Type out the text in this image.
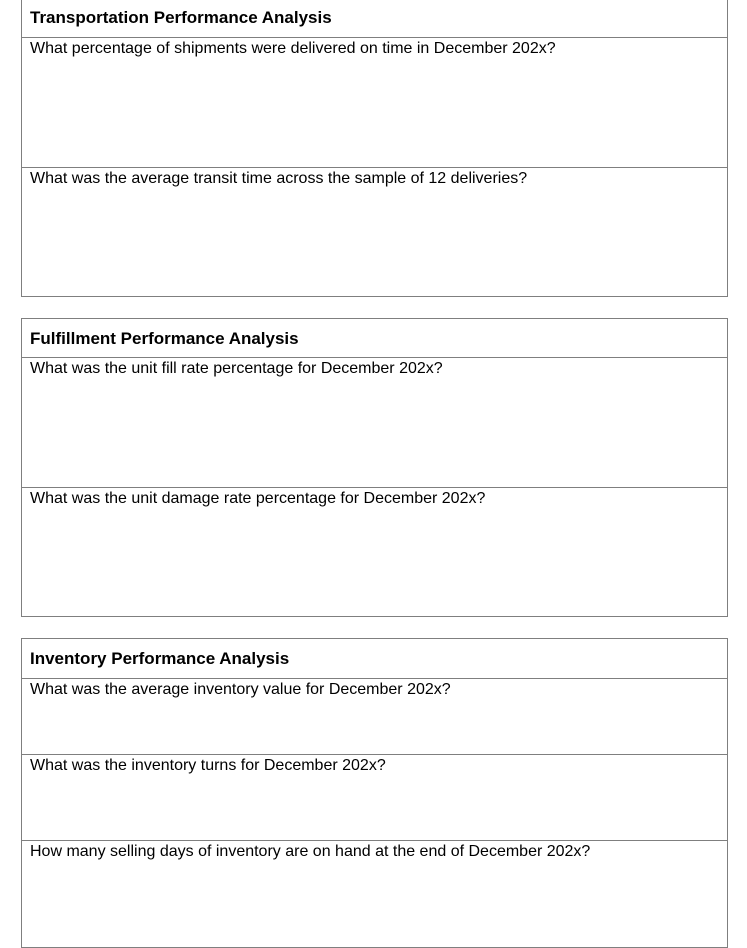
Transportation Performance Analysis
What percentage of shipments were delivered on time in December 202x?
What was the average transit time across the sample of 12 deliveries?
Fulfillment Performance Analysis
What was the unit fill rate percentage for December 202x?
What was the unit damage rate percentage for December 202x?
Inventory Performance Analysis
What was the average inventory value for December 202x?
What was the inventory turns for December 202x?
How many selling days of inventory are on hand at the end of December 202x?
